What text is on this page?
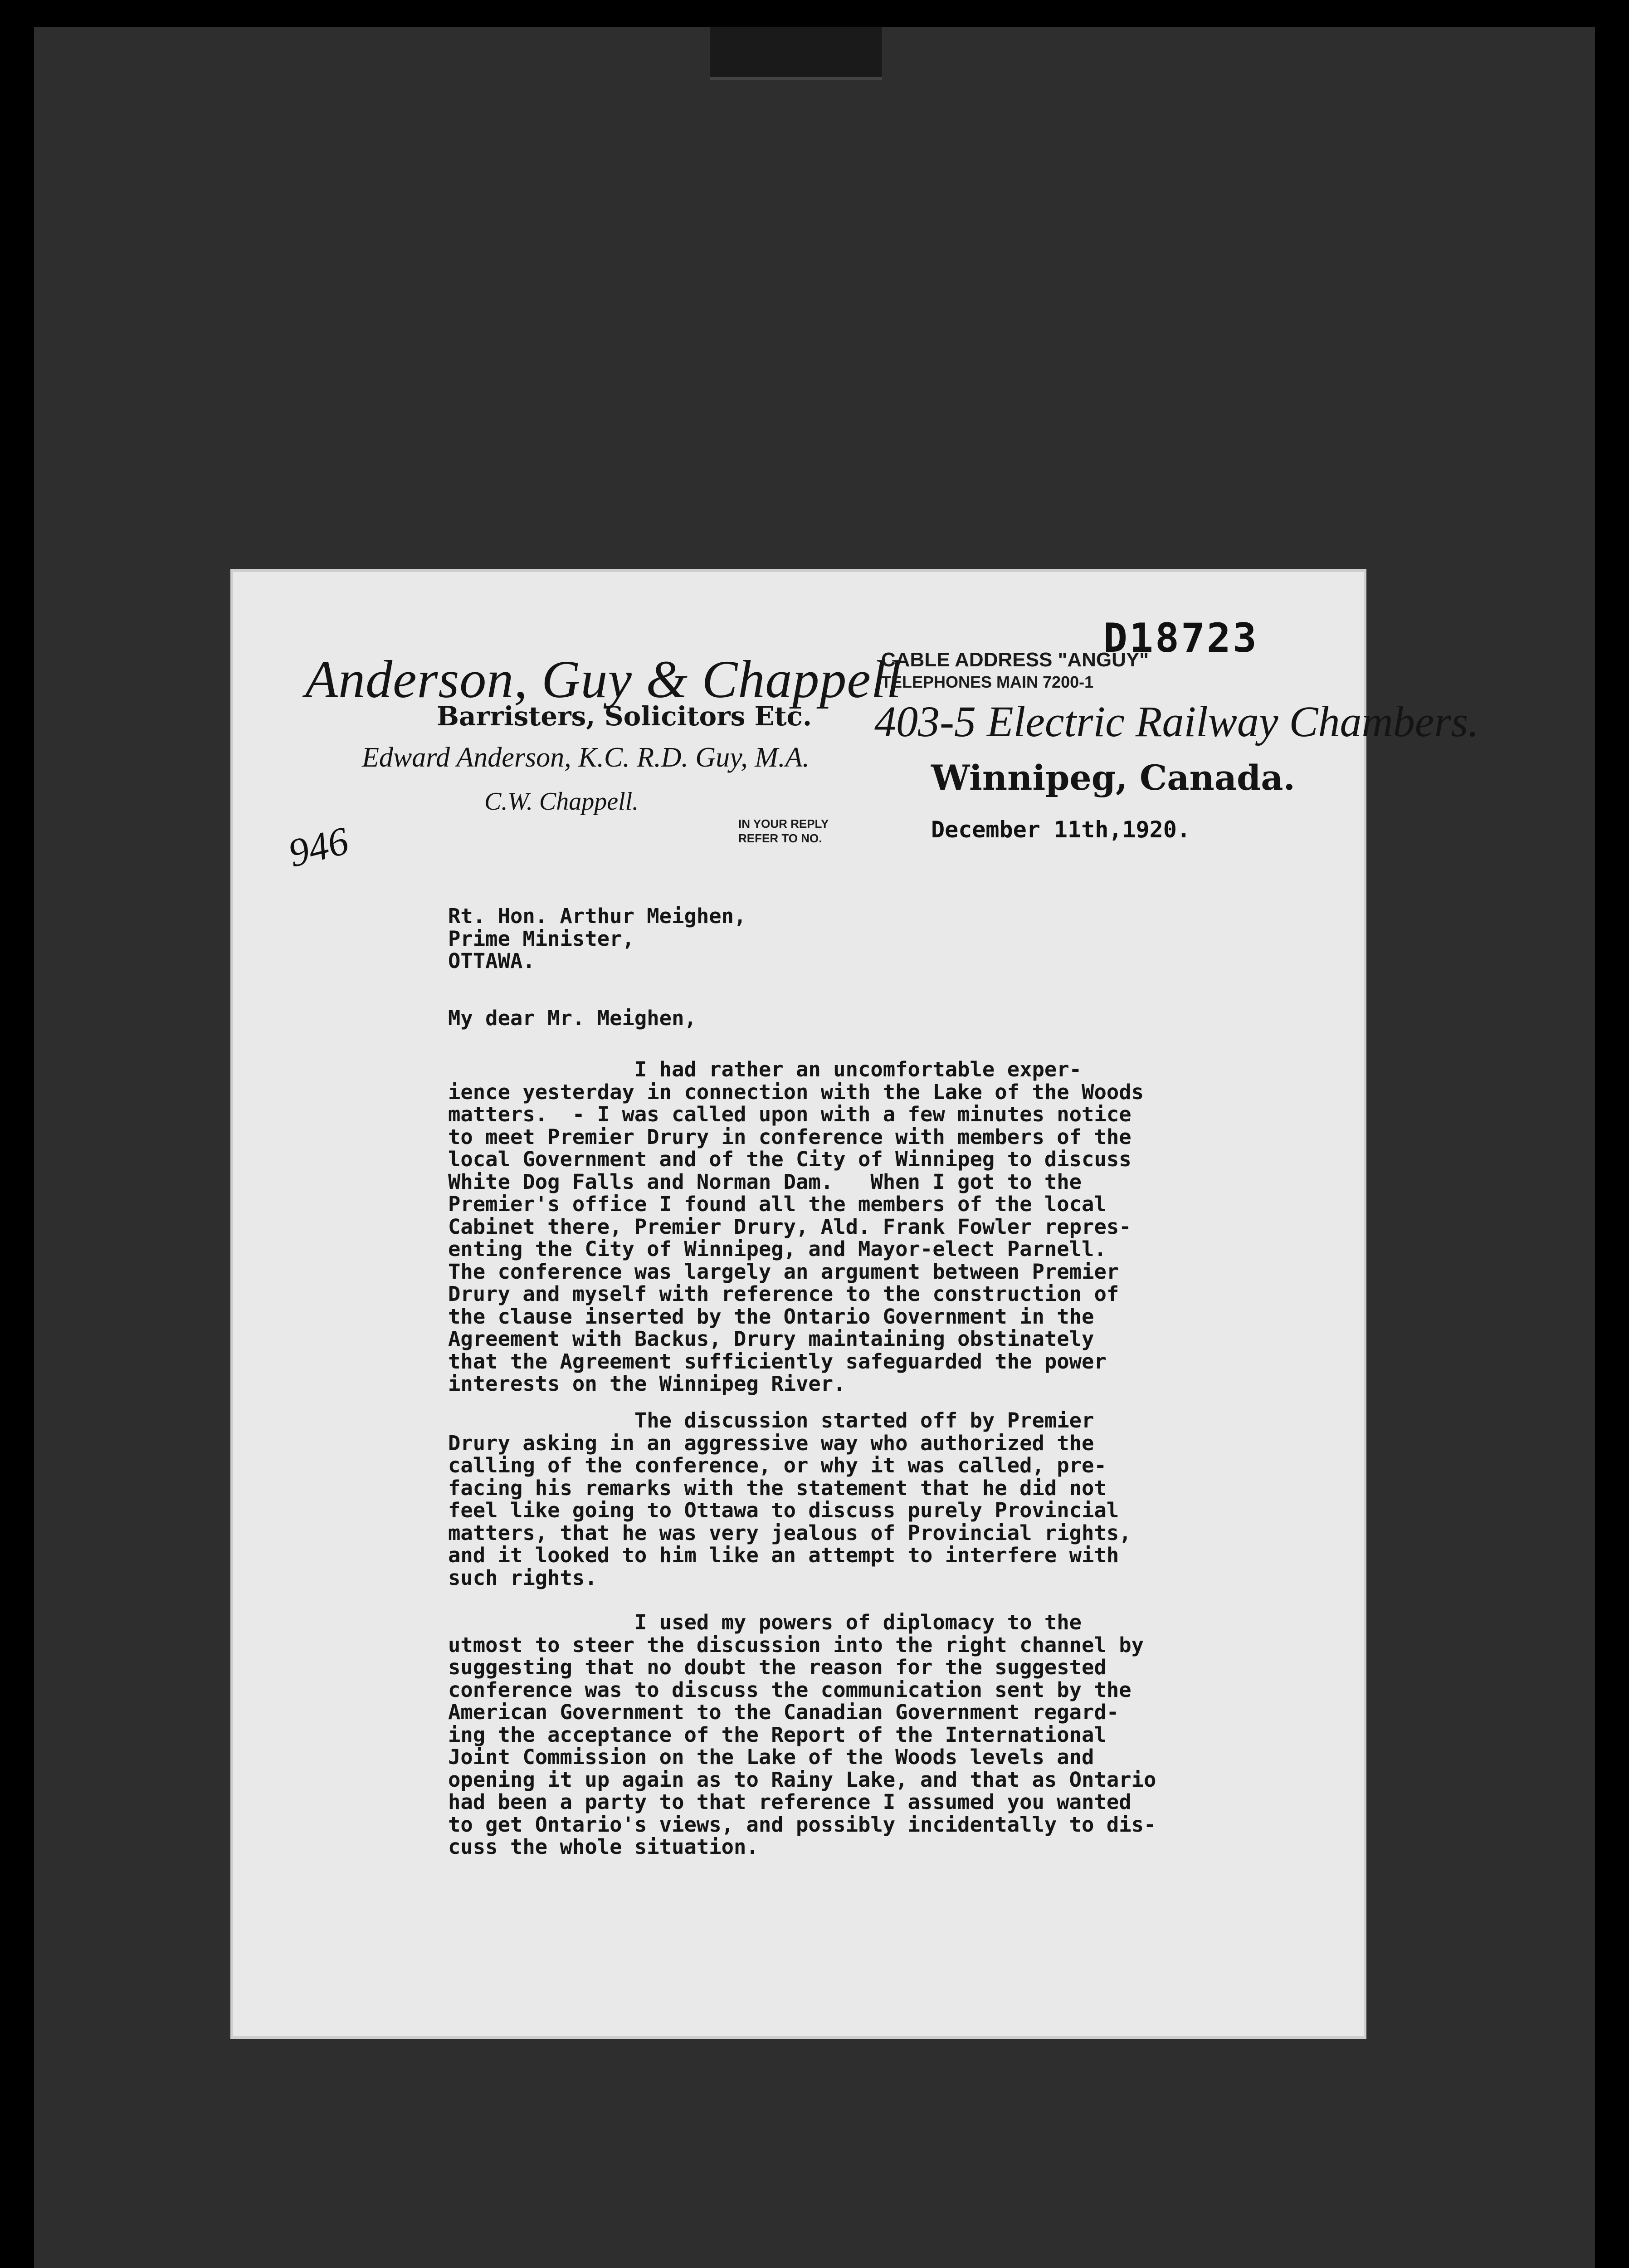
Anderson, Guy & Chappell
Barristers, Solicitors Etc.
Edward Anderson, K.C. R.D. Guy, M.A.
C.W. Chappell.
D18723
CABLE ADDRESS "ANGUY"
TELEPHONES MAIN 7200-1
403-5 Electric Railway Chambers.
Winnipeg, Canada.
IN YOUR REPLY
REFER TO NO.	December 11th,1920.
946
Rt. Hon. Arthur Meighen,
Prime Minister,
OTTAWA.
My dear Mr. Meighen,
I had rather an uncomfortable exper-
ience yesterday in connection with the Lake of the Woods
matters.  - I was called upon with a few minutes notice
to meet Premier Drury in conference with members of the
local Government and of the City of Winnipeg to discuss
White Dog Falls and Norman Dam.   When I got to the
Premier's office I found all the members of the local
Cabinet there, Premier Drury, Ald. Frank Fowler repres-
enting the City of Winnipeg, and Mayor-elect Parnell.
The conference was largely an argument between Premier
Drury and myself with reference to the construction of
the clause inserted by the Ontario Government in the
Agreement with Backus, Drury maintaining obstinately
that the Agreement sufficiently safeguarded the power
interests on the Winnipeg River.
The discussion started off by Premier
Drury asking in an aggressive way who authorized the
calling of the conference, or why it was called, pre-
facing his remarks with the statement that he did not
feel like going to Ottawa to discuss purely Provincial
matters, that he was very jealous of Provincial rights,
and it looked to him like an attempt to interfere with
such rights.
I used my powers of diplomacy to the
utmost to steer the discussion into the right channel by
suggesting that no doubt the reason for the suggested
conference was to discuss the communication sent by the
American Government to the Canadian Government regard-
ing the acceptance of the Report of the International
Joint Commission on the Lake of the Woods levels and
opening it up again as to Rainy Lake, and that as Ontario
had been a party to that reference I assumed you wanted
to get Ontario's views, and possibly incidentally to dis-
cuss the whole situation.
